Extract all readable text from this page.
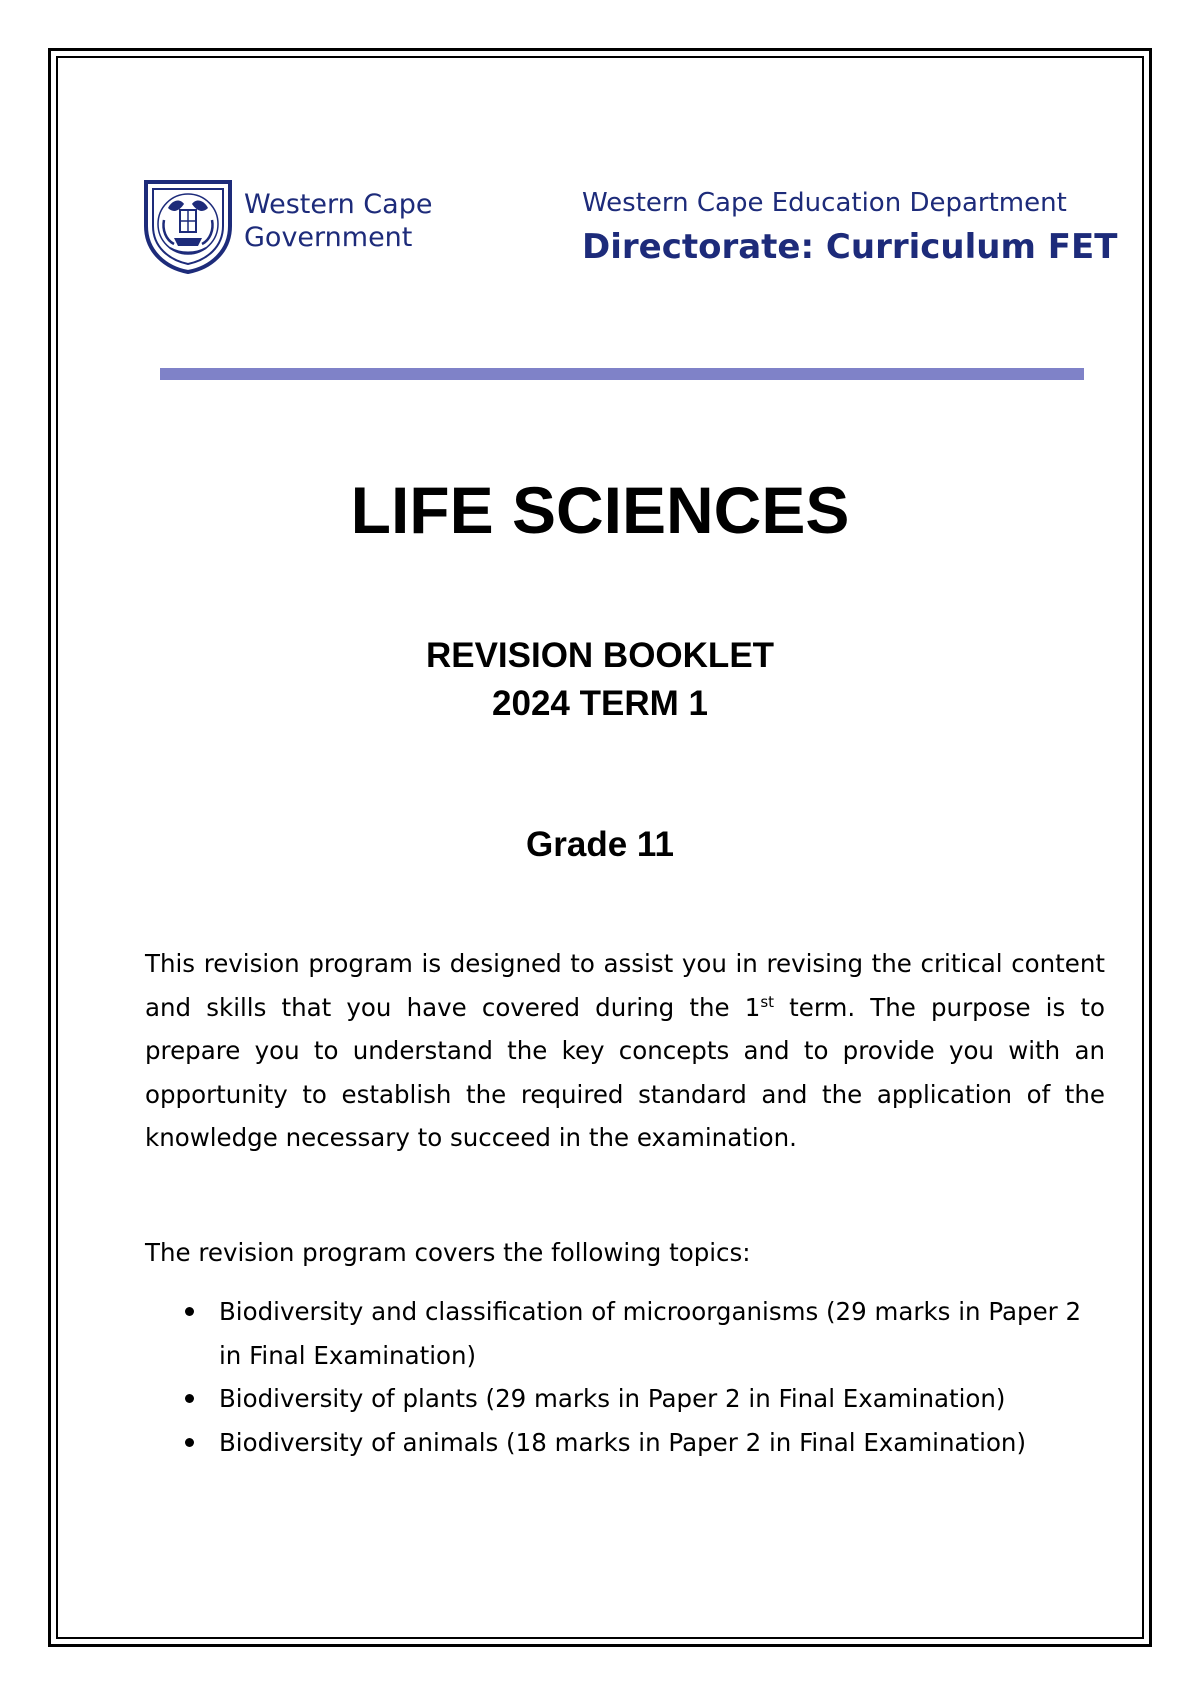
Western Cape
Government
Western Cape Education Department
Directorate: Curriculum FET
LIFE SCIENCES
REVISION BOOKLET
2024 TERM 1
Grade 11
This revision program is designed to assist you in revising the critical content and skills that you have covered during the 1st term. The purpose is to prepare you to understand the key concepts and to provide you with an opportunity to establish the required standard and the application of the knowledge necessary to succeed in the examination.
The revision program covers the following topics:
Biodiversity and classification of microorganisms (29 marks in Paper 2 in Final Examination)
Biodiversity of plants (29 marks in Paper 2 in Final Examination)
Biodiversity of animals (18 marks in Paper 2 in Final Examination)
